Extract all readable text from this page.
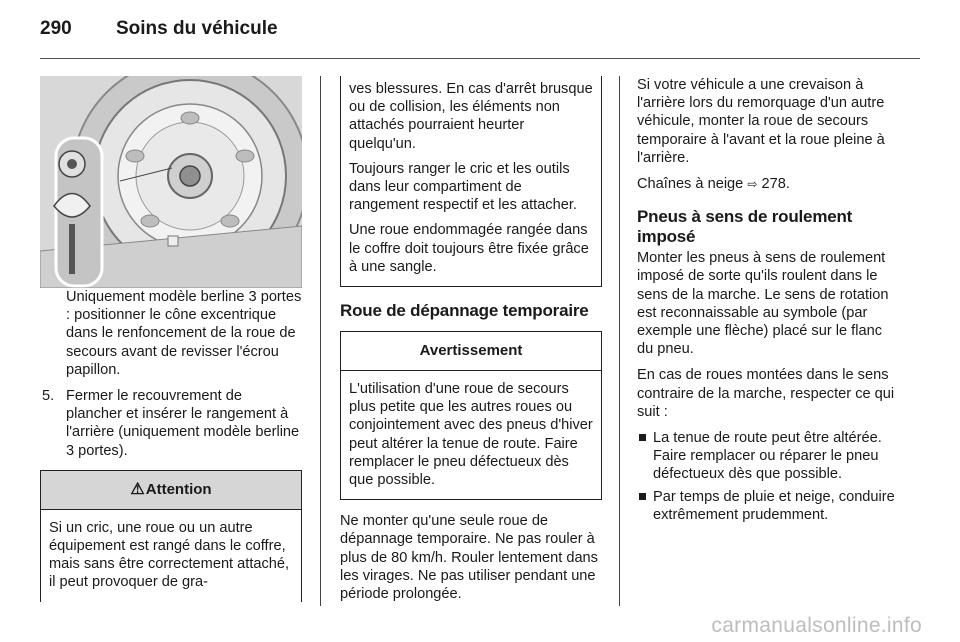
290 Soins du véhicule

Uniquement modèle berline 3 portes : positionner le cône excentrique dans le renfoncement de la roue de secours avant de revisser l'écrou papillon.

5. Fermer le recouvrement de plancher et insérer le rangement à l'arrière (uniquement modèle berline 3 portes).
⚠ Attention

Si un cric, une roue ou un autre équipement est rangé dans le coffre, mais sans être correctement attaché, il peut provoquer de gra-

ves blessures. En cas d'arrêt brusque ou de collision, les éléments non attachés pourraient heurter quelqu'un.

Toujours ranger le cric et les outils dans leur compartiment de rangement respectif et les attacher.

Une roue endommagée rangée dans le coffre doit toujours être fixée grâce à une sangle.

Roue de dépannage temporaire
Avertissement

L'utilisation d'une roue de secours plus petite que les autres roues ou conjointement avec des pneus d'hiver peut altérer la tenue de route. Faire remplacer le pneu défectueux dès que possible.

Ne monter qu'une seule roue de dépannage temporaire. Ne pas rouler à plus de 80 km/h. Rouler lentement dans les virages. Ne pas utiliser pendant une période prolongée.

Si votre véhicule a une crevaison à l'arrière lors du remorquage d'un autre véhicule, monter la roue de secours temporaire à l'avant et la roue pleine à l'arrière.

Chaînes à neige ⇨ 278.

Pneus à sens de roulement imposé

Monter les pneus à sens de roulement imposé de sorte qu'ils roulent dans le sens de la marche. Le sens de rotation est reconnaissable au symbole (par exemple une flèche) placé sur le flanc du pneu.

En cas de roues montées dans le sens contraire de la marche, respecter ce qui suit :

La tenue de route peut être altérée. Faire remplacer ou réparer le pneu défectueux dès que possible.
Par temps de pluie et neige, conduire extrêmement prudemment.
carmanualsonline.info
